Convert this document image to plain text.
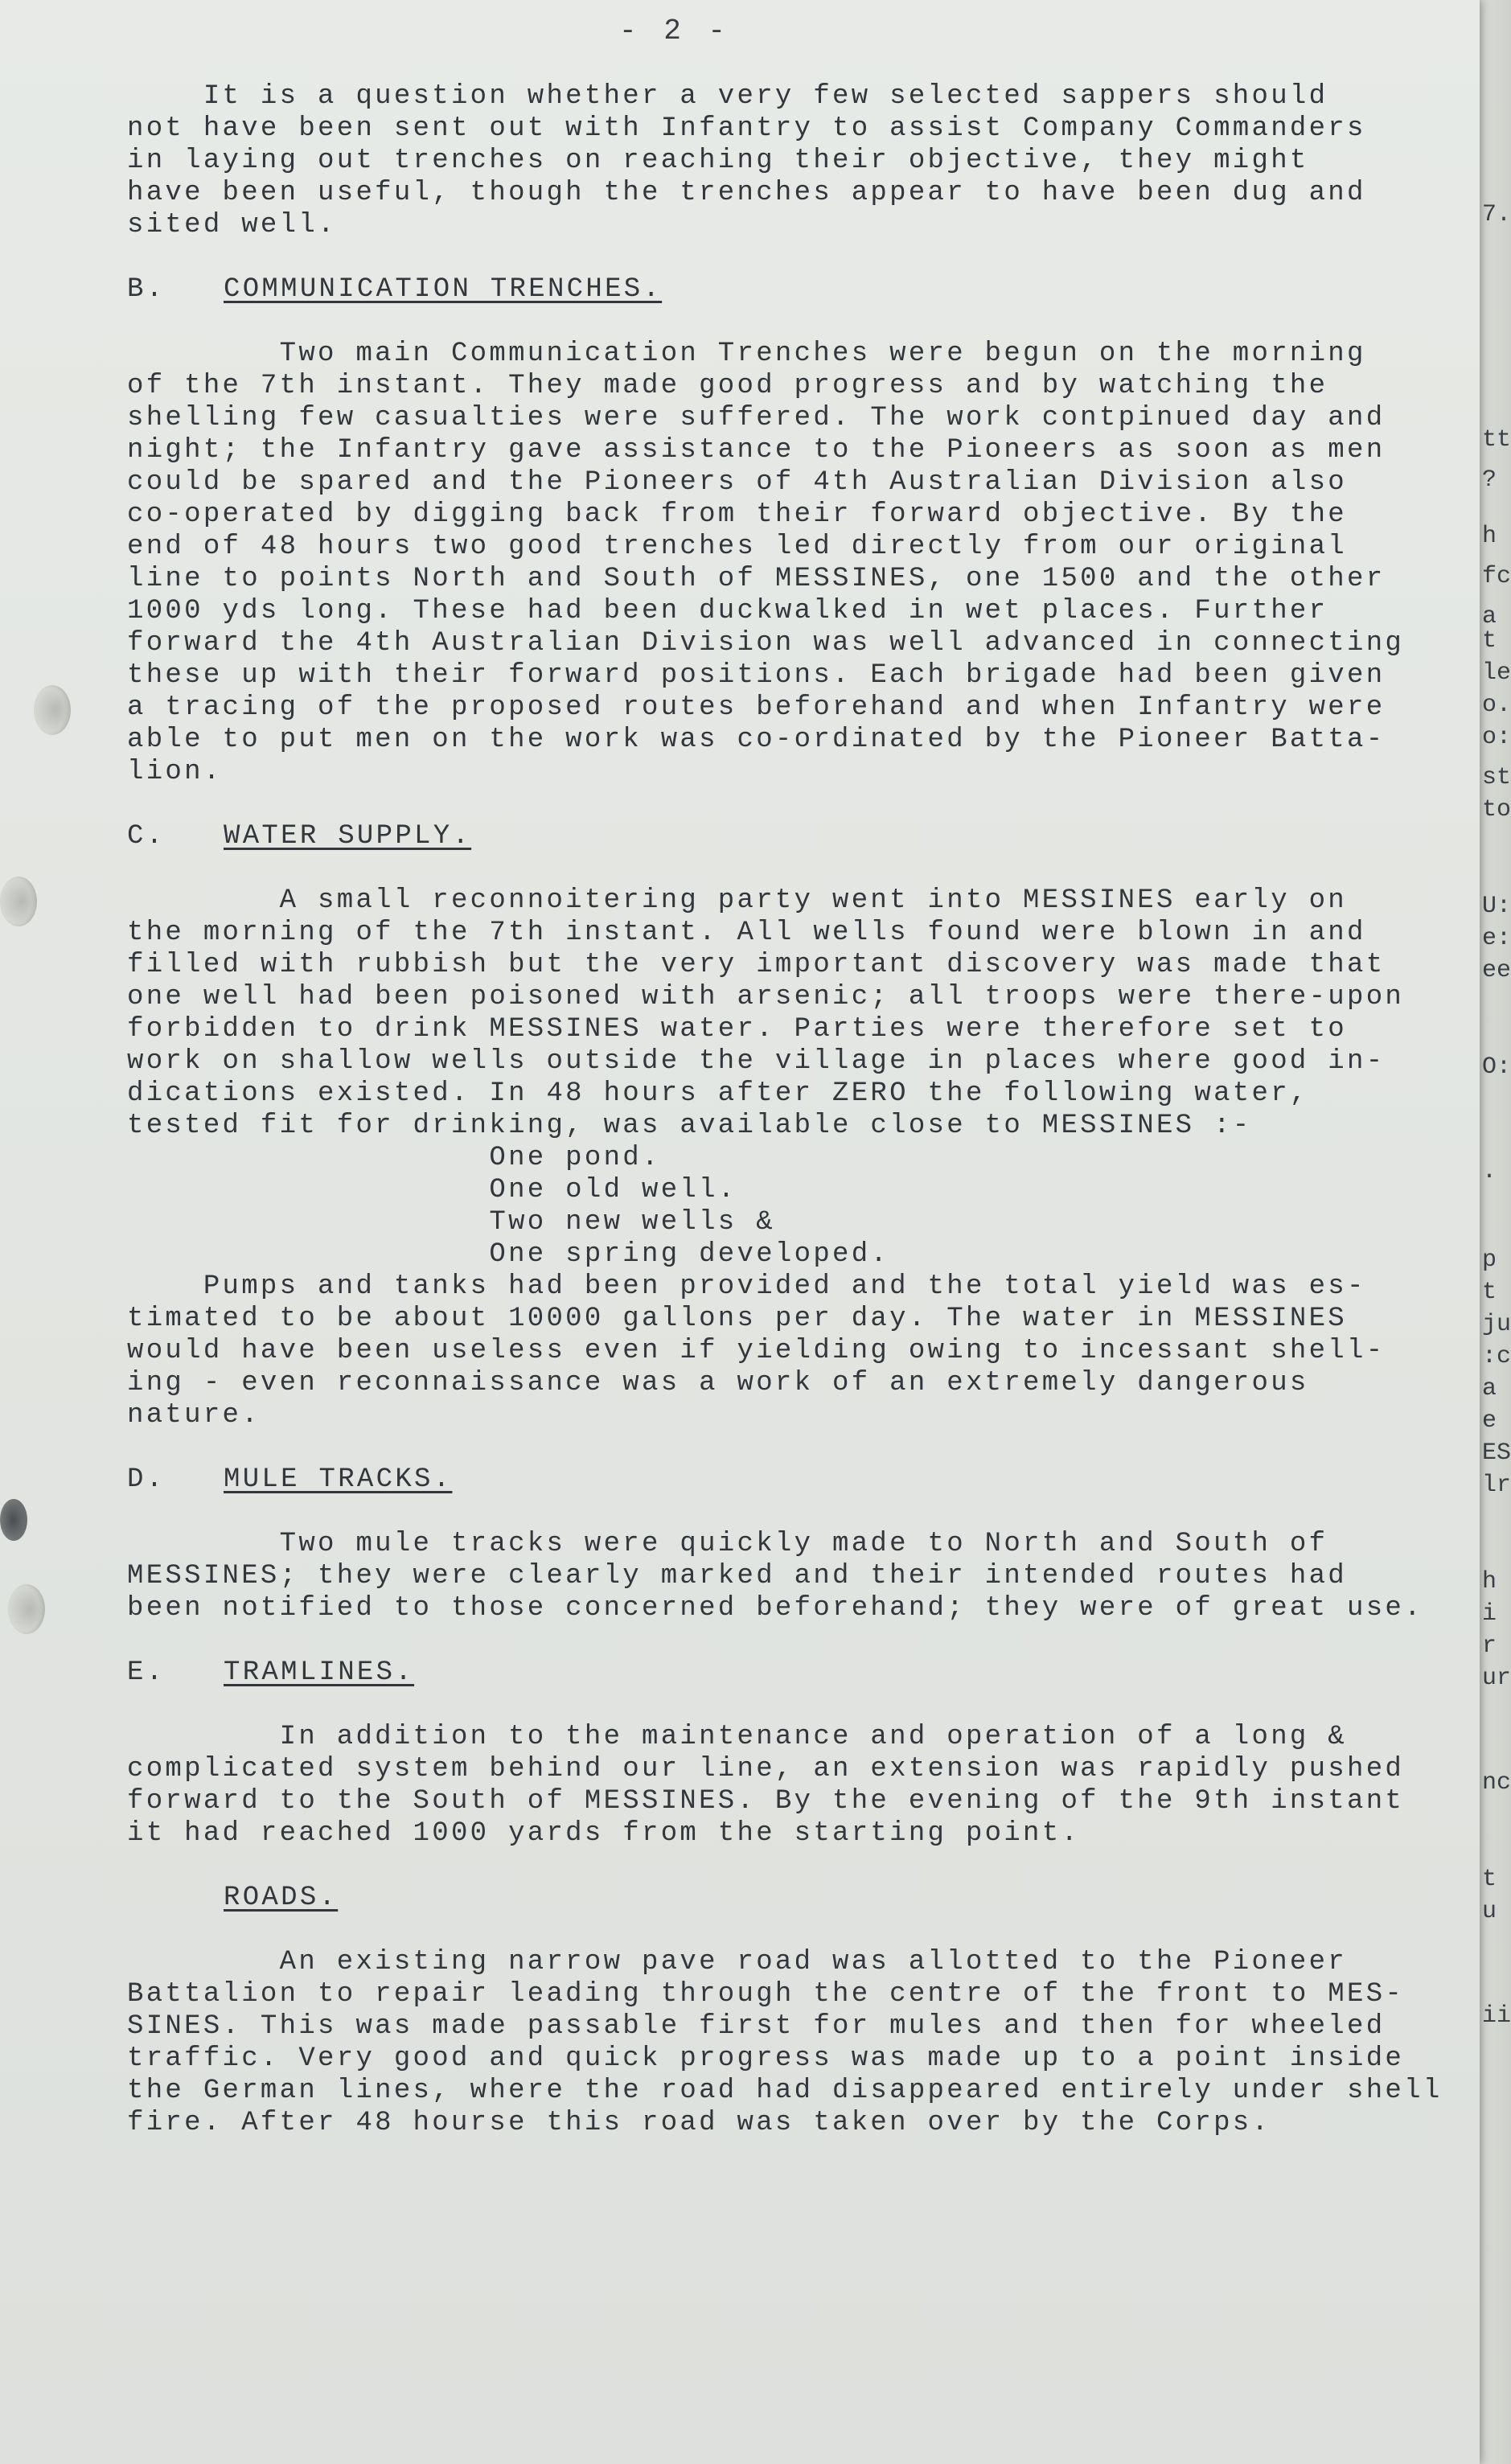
7.
tt
?
h
fc
a
t
le
o.
o:
st
to
U:
e:
ee
O:
.
p
t
ju
:c
a
e
ES
lr
h
i
r
ur
nc
t
u
ii
- 2 -
It is a question whether a very few selected sappers should
not have been sent out with Infantry to assist Company Commanders
in laying out trenches on reaching their objective, they might
have been useful, though the trenches appear to have been dug and
sited well.
B. COMMUNICATION TRENCHES.
Two main Communication Trenches were begun on the morning
of the 7th instant. They made good progress and by watching the
shelling few casualties were suffered. The work contpinued day and
night; the Infantry gave assistance to the Pioneers as soon as men
could be spared and the Pioneers of 4th Australian Division also
co-operated by digging back from their forward objective. By the
end of 48 hours two good trenches led directly from our original
line to points North and South of MESSINES, one 1500 and the other
1000 yds long. These had been duckwalked in wet places. Further
forward the 4th Australian Division was well advanced in connecting
these up with their forward positions. Each brigade had been given
a tracing of the proposed routes beforehand and when Infantry were
able to put men on the work was co-ordinated by the Pioneer Batta-
lion.
C. WATER SUPPLY.
A small reconnoitering party went into MESSINES early on
the morning of the 7th instant. All wells found were blown in and
filled with rubbish but the very important discovery was made that
one well had been poisoned with arsenic; all troops were there-upon
forbidden to drink MESSINES water. Parties were therefore set to
work on shallow wells outside the village in places where good in-
dications existed. In 48 hours after ZERO the following water,
tested fit for drinking, was available close to MESSINES :-
One pond.
One old well.
Two new wells &
One spring developed.
Pumps and tanks had been provided and the total yield was es-
timated to be about 10000 gallons per day. The water in MESSINES
would have been useless even if yielding owing to incessant shell-
ing - even reconnaissance was a work of an extremely dangerous
nature.
D. MULE TRACKS.
Two mule tracks were quickly made to North and South of
MESSINES; they were clearly marked and their intended routes had
been notified to those concerned beforehand; they were of great use.
E. TRAMLINES.
In addition to the maintenance and operation of a long &
complicated system behind our line, an extension was rapidly pushed
forward to the South of MESSINES. By the evening of the 9th instant
it had reached 1000 yards from the starting point.
ROADS.
An existing narrow pave road was allotted to the Pioneer
Battalion to repair leading through the centre of the front to MES-
SINES. This was made passable first for mules and then for wheeled
traffic. Very good and quick progress was made up to a point inside
the German lines, where the road had disappeared entirely under shell
fire. After 48 hourse this road was taken over by the Corps.
